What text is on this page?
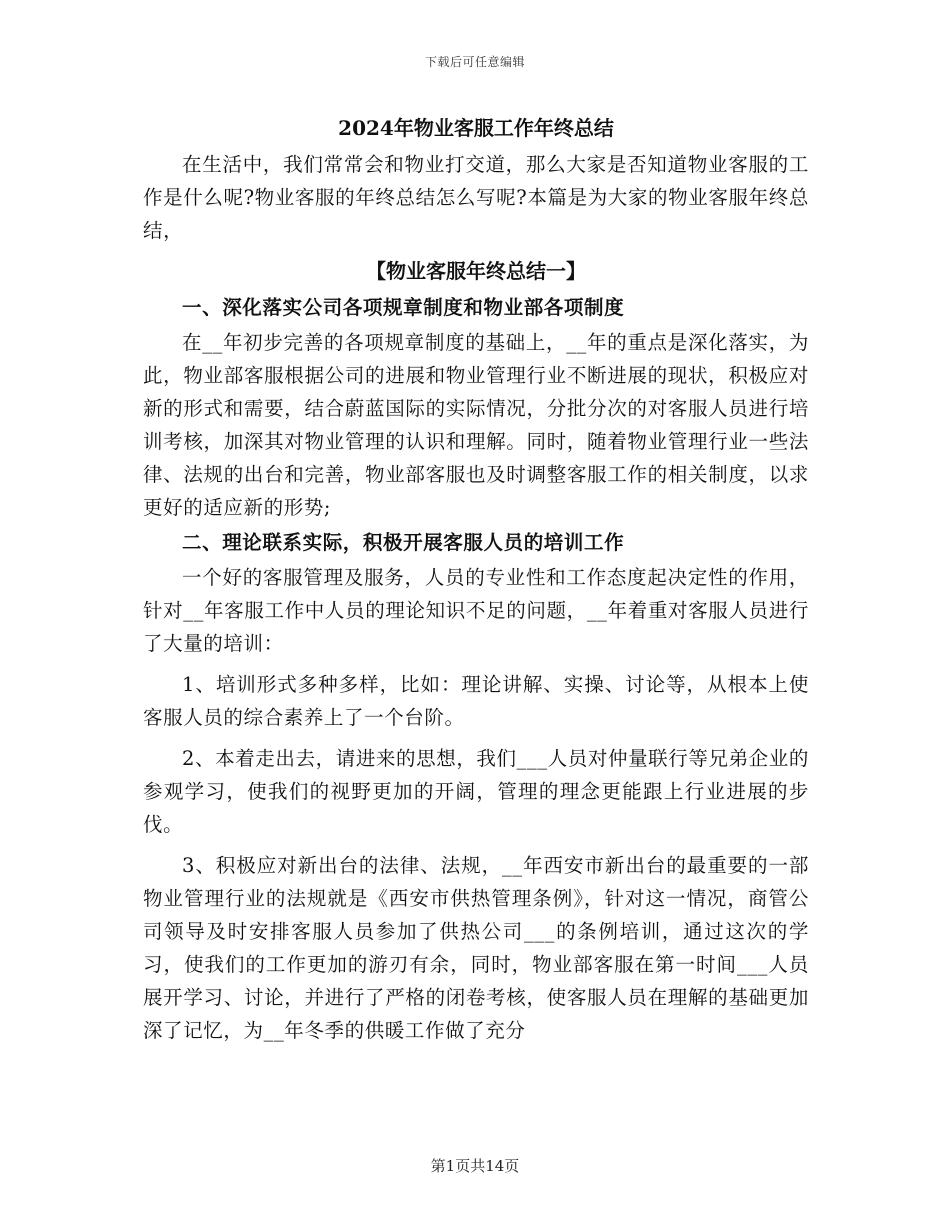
下载后可任意编辑
2024年物业客服工作年终总结

在生活中，我们常常会和物业打交道，那么大家是否知道物业客服的工作是什么呢?物业客服的年终总结怎么写呢?本篇是为大家的物业客服年终总结，

【物业客服年终总结一】
一、深化落实公司各项规章制度和物业部各项制度

在__年初步完善的各项规章制度的基础上，__年的重点是深化落实，为此，物业部客服根据公司的进展和物业管理行业不断进展的现状，积极应对新的形式和需要，结合蔚蓝国际的实际情况，分批分次的对客服人员进行培训考核，加深其对物业管理的认识和理解。同时，随着物业管理行业一些法律、法规的出台和完善，物业部客服也及时调整客服工作的相关制度，以求更好的适应新的形势;

二、理论联系实际，积极开展客服人员的培训工作

一个好的客服管理及服务，人员的专业性和工作态度起决定性的作用，针对__年客服工作中人员的理论知识不足的问题，__年着重对客服人员进行了大量的培训：

1、培训形式多种多样，比如：理论讲解、实操、讨论等，从根本上使客服人员的综合素养上了一个台阶。

2、本着走出去，请进来的思想，我们___人员对仲量联行等兄弟企业的参观学习，使我们的视野更加的开阔，管理的理念更能跟上行业进展的步伐。

3、积极应对新出台的法律、法规，__年西安市新出台的最重要的一部物业管理行业的法规就是《西安市供热管理条例》，针对这一情况，商管公司领导及时安排客服人员参加了供热公司___的条例培训，通过这次的学习，使我们的工作更加的游刃有余，同时，物业部客服在第一时间___人员展开学习、讨论，并进行了严格的闭卷考核，使客服人员在理解的基础更加深了记忆，为__年冬季的供暖工作做了充分

第1页共14页
